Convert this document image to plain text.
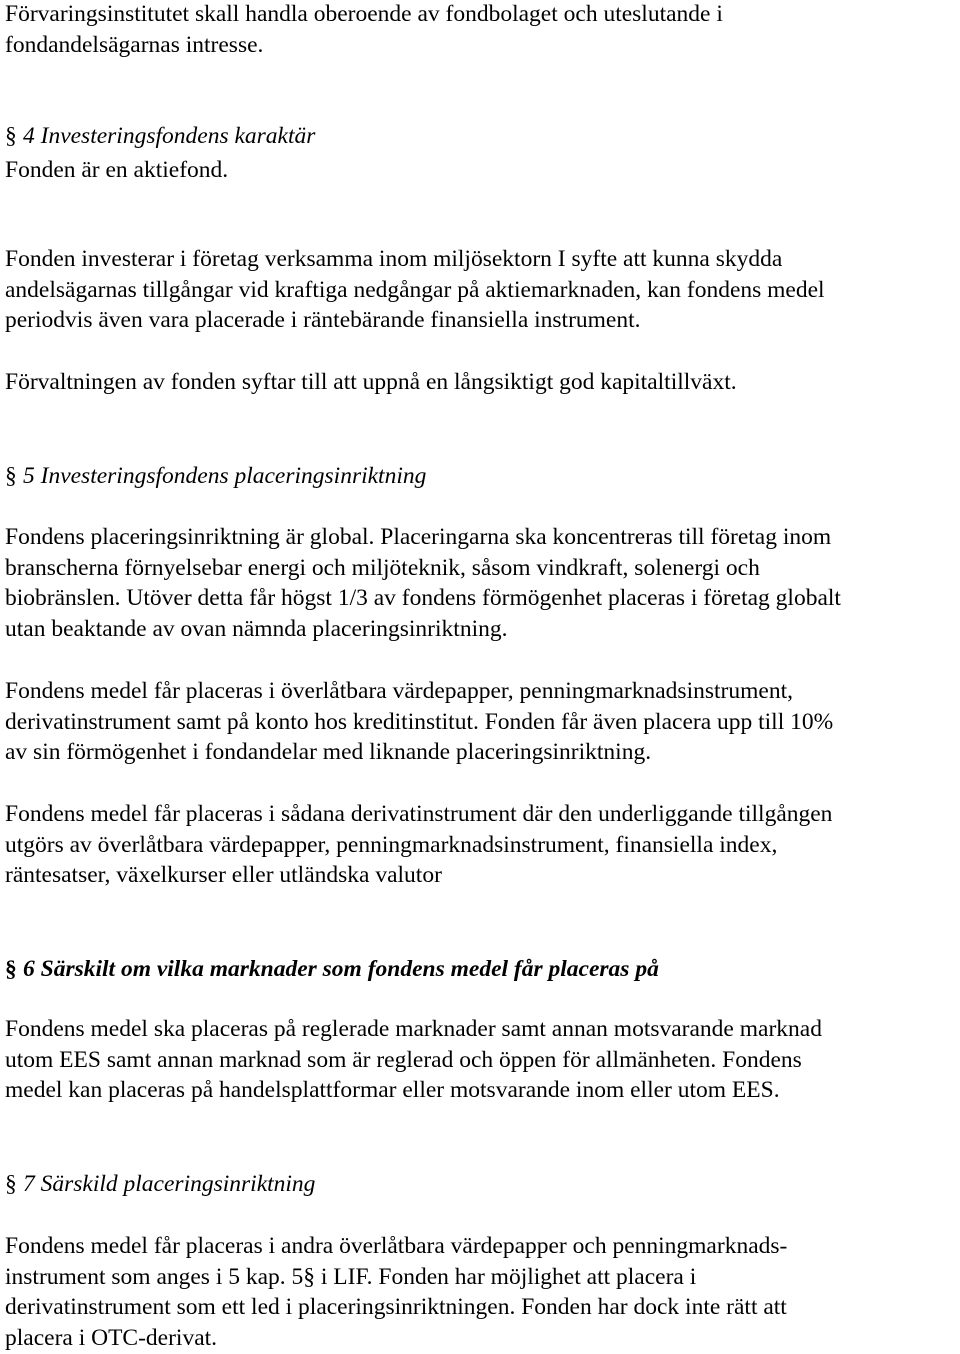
Förvaringsinstitutet skall handla oberoende av fondbolaget och uteslutande i
fondandelsägarnas intresse.

§ 4 Investeringsfondens karaktär

Fonden är en aktiefond.

Fonden investerar i företag verksamma inom miljösektorn I syfte att kunna skydda
andelsägarnas tillgångar vid kraftiga nedgångar på aktiemarknaden, kan fondens medel
periodvis även vara placerade i räntebärande finansiella instrument.

Förvaltningen av fonden syftar till att uppnå en långsiktigt god kapitaltillväxt.

§ 5 Investeringsfondens placeringsinriktning

Fondens placeringsinriktning är global. Placeringarna ska koncentreras till företag inom
branscherna förnyelsebar energi och miljöteknik, såsom vindkraft, solenergi och
biobränslen. Utöver detta får högst 1/3 av fondens förmögenhet placeras i företag globalt
utan beaktande av ovan nämnda placeringsinriktning.

Fondens medel får placeras i överlåtbara värdepapper, penningmarknadsinstrument,
derivatinstrument samt på konto hos kreditinstitut. Fonden får även placera upp till 10%
av sin förmögenhet i fondandelar med liknande placeringsinriktning.

Fondens medel får placeras i sådana derivatinstrument där den underliggande tillgången
utgörs av överlåtbara värdepapper, penningmarknadsinstrument, finansiella index,
räntesatser, växelkurser eller utländska valutor

§ 6 Särskilt om vilka marknader som fondens medel får placeras på

Fondens medel ska placeras på reglerade marknader samt annan motsvarande marknad
utom EES samt annan marknad som är reglerad och öppen för allmänheten. Fondens
medel kan placeras på handelsplattformar eller motsvarande inom eller utom EES.

§ 7 Särskild placeringsinriktning

Fondens medel får placeras i andra överlåtbara värdepapper och penningmarknads-
instrument som anges i 5 kap. 5§ i LIF. Fonden har möjlighet att placera i
derivatinstrument som ett led i placeringsinriktningen. Fonden har dock inte rätt att
placera i OTC-derivat.
